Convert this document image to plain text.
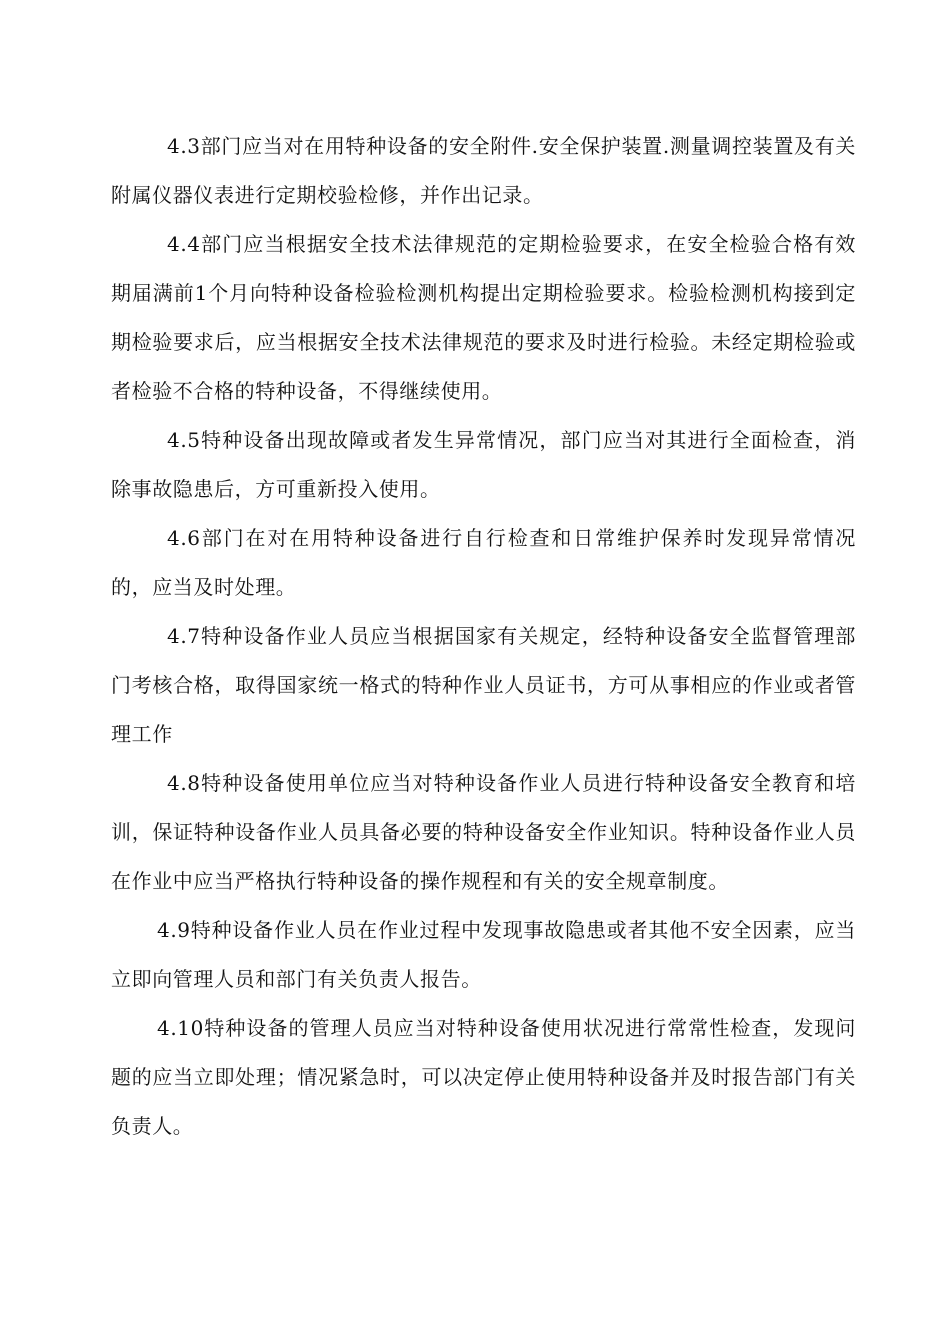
4.3部门应当对在用特种设备的安全附件.安全保护装置.测量调控装置及有关附属仪器仪表进行定期校验检修，并作出记录。

4.4部门应当根据安全技术法律规范的定期检验要求，在安全检验合格有效期届满前1个月向特种设备检验检测机构提出定期检验要求。检验检测机构接到定期检验要求后，应当根据安全技术法律规范的要求及时进行检验。未经定期检验或者检验不合格的特种设备，不得继续使用。

4.5特种设备出现故障或者发生异常情况，部门应当对其进行全面检查，消除事故隐患后，方可重新投入使用。

4.6部门在对在用特种设备进行自行检查和日常维护保养时发现异常情况的，应当及时处理。

4.7特种设备作业人员应当根据国家有关规定，经特种设备安全监督管理部门考核合格，取得国家统一格式的特种作业人员证书，方可从事相应的作业或者管理工作

4.8特种设备使用单位应当对特种设备作业人员进行特种设备安全教育和培训，保证特种设备作业人员具备必要的特种设备安全作业知识。特种设备作业人员在作业中应当严格执行特种设备的操作规程和有关的安全规章制度。

4.9特种设备作业人员在作业过程中发现事故隐患或者其他不安全因素，应当立即向管理人员和部门有关负责人报告。

4.10特种设备的管理人员应当对特种设备使用状况进行常常性检查，发现问题的应当立即处理；情况紧急时，可以决定停止使用特种设备并及时报告部门有关负责人。
